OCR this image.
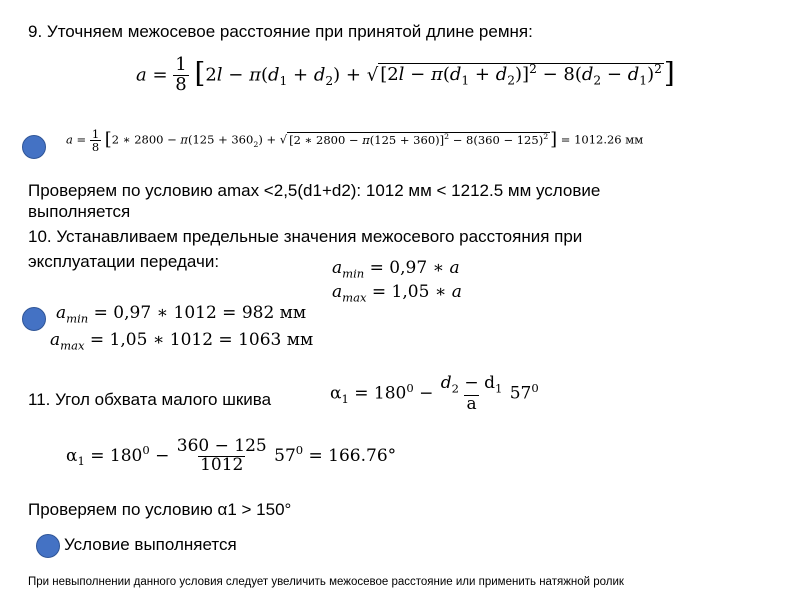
9. Уточняем межосевое расстояние при принятой длине ремня:
$a = \frac{1}{8} [2l - \pi(d_1 + d_2)$ + √ $[2l - \pi(d_1 + d_2)]^2 - 8(d_2 - d_1)^2$]
$a = \frac{1}{8} [2$ ∗ $2800 - \pi(125 + 360_2)$ + √ [2 ∗ $2800 - \pi(125 + 360)]^2 - 8(360 - 125)^2$ ] = 1012.26 мм
Проверяем по условию аmax <2,5(d1+d2): 1012 мм < 1212.5 мм условие
выполняется
10. Устанавливаем предельные значения межосевого расстояния при
эксплуатации передачи:	$a_{min} = 0,97$ ∗ a
$a_{max} = 1,05$ ∗ a
$a_{min} = 0,97$ ∗ 1012 = 982 мм
$a_{max} = 1,05$ ∗ 1012 = 1063 мм
11. Угол обхвата малого шкива	$\alpha_1 = 180^0 - \frac{d_2 - d_1}{a} 57^0$
$\alpha_1 = 180^0 - \frac{360 - 125}{1012} 57^0 = 166.76^\circ$
Проверяем по условию α1 > 150°
Условие выполняется
При невыполнении данного условия следует увеличить межосевое расстояние или применить натяжной ролик
